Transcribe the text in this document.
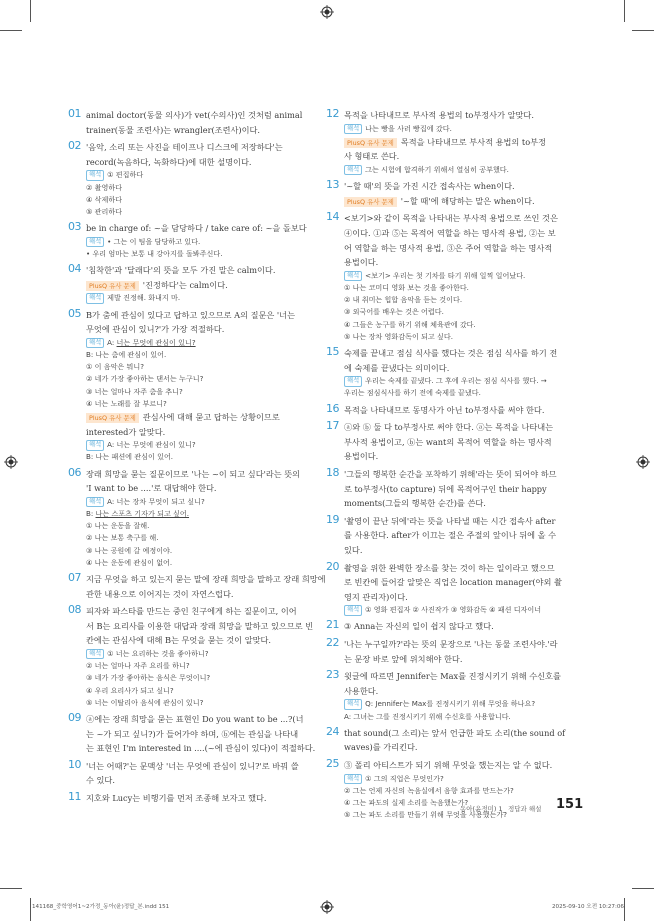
01 animal doctor(동물 의사)가 vet(수의사)인 것처럼 animal
trainer(동물 조련사)는 wrangler(조련사)이다.
02 '음악, 소리 또는 사진을 테이프나 디스크에 저장하다'는
record(녹음하다, 녹화하다)에 대한 설명이다.
해석 ① 편집하다
② 촬영하다
④ 삭제하다
⑤ 관리하다
03 be in charge of: ~을 담당하다 / take care of: ~을 돌보다
해석 • 그는 이 팀을 담당하고 있다.
• 우리 엄마는 보통 내 강아지를 돌봐주신다.
04 '침착한'과 '달래다'의 뜻을 모두 가진 말은 calm이다.
PlusQ 유사 문제 '진정하다'는 calm이다.
해석 제발 진정해. 화내지 마.
05 B가 춤에 관심이 있다고 답하고 있으므로 A의 질문은 '너는
무엇에 관심이 있니?'가 가장 적절하다.
해석 A: 너는 무엇에 관심이 있니?
B: 나는 춤에 관심이 있어.
① 이 음악은 뭐니?
② 네가 가장 좋아하는 댄서는 누구니?
③ 너는 얼마나 자주 춤을 추니?
④ 너는 노래를 잘 부르니?
PlusQ 유사 문제 관심사에 대해 묻고 답하는 상황이므로
interested가 알맞다.
해석 A: 너는 무엇에 관심이 있니?
B: 나는 패션에 관심이 있어.
06 장래 희망을 묻는 질문이므로 '나는 ~이 되고 싶다'라는 뜻의
'I want to be ....'로 대답해야 한다.
해석 A: 너는 장차 무엇이 되고 싶니?
B: 나는 스포츠 기자가 되고 싶어.
① 나는 운동을 잘해.
② 나는 보통 축구를 해.
③ 나는 공원에 갈 예정이야.
④ 나는 운동에 관심이 없어.
07 지금 무엇을 하고 있는지 묻는 말에 장래 희망을 말하고 장래 희망에
관한 내용으로 이어지는 것이 자연스럽다.
08 피자와 파스타를 만드는 중인 친구에게 하는 질문이고, 이어
서 B는 요리사를 이용한 대답과 장래 희망을 말하고 있으므로 빈
칸에는 관심사에 대해 B는 무엇을 묻는 것이 알맞다.
해석 ① 너는 요리하는 것을 좋아하니?
② 너는 얼마나 자주 요리를 하니?
③ 네가 가장 좋아하는 음식은 무엇이니?
④ 우리 요리사가 되고 싶니?
⑤ 너는 이탈리아 음식에 관심이 있니?
09 ⓐ에는 장래 희망을 묻는 표현인 Do you want to be ...?(너
는 ~가 되고 싶니?)가 들어가야 하며, ⓑ에는 관심을 나타내
는 표현인 I'm interested in ....(~에 관심이 있다)이 적절하다.
10 '너는 어때?'는 문맥상 '너는 무엇에 관심이 있니?'로 바꿔 쓸
수 있다.
11 지호와 Lucy는 비행기를 먼저 조종해 보자고 했다.
12 목적을 나타내므로 부사적 용법의 to부정사가 알맞다.
해석 나는 빵을 사러 빵집에 갔다.
PlusQ 유사 문제 목적을 나타내므로 부사적 용법의 to부정
사 형태로 쓴다.
해석 그는 시험에 합격하기 위해서 열심히 공부했다.
13 '~할 때'의 뜻을 가진 시간 접속사는 when이다.
PlusQ 유사 문제 '~할 때'에 해당하는 말은 when이다.
14 <보기>와 같이 목적을 나타내는 부사적 용법으로 쓰인 것은
④이다. ①과 ⑤는 목적어 역할을 하는 명사적 용법, ②는 보
어 역할을 하는 명사적 용법, ③은 주어 역할을 하는 명사적
용법이다.
해석 <보기> 우리는 첫 기차를 타기 위해 일찍 일어났다.
① 나는 코미디 영화 보는 것을 좋아한다.
② 내 취미는 힙합 음악을 듣는 것이다.
③ 외국어를 배우는 것은 어렵다.
④ 그들은 농구를 하기 위해 체육관에 갔다.
⑤ 나는 장차 영화감독이 되고 싶다.
15 숙제를 끝내고 점심 식사를 했다는 것은 점심 식사를 하기 전
에 숙제를 끝냈다는 의미이다.
해석 우리는 숙제를 끝냈다. 그 후에 우리는 점심 식사를 했다. →
우리는 점심식사를 하기 전에 숙제를 끝냈다.
16 목적을 나타내므로 동명사가 아닌 to부정사를 써야 한다.
17 ⓐ와 ⓑ 둘 다 to부정사로 써야 한다. ⓐ는 목적을 나타내는
부사적 용법이고, ⓑ는 want의 목적어 역할을 하는 명사적
용법이다.
18 '그들의 행복한 순간을 포착하기 위해'라는 뜻이 되어야 하므
로 to부정사(to capture) 뒤에 목적어구인 their happy
moments(그들의 행복한 순간)를 쓴다.
19 '촬영이 끝난 뒤에'라는 뜻을 나타낼 때는 시간 접속사 after
를 사용한다. after가 이끄는 절은 주절의 앞이나 뒤에 올 수
있다.
20 촬영을 위한 완벽한 장소를 찾는 것이 하는 일이라고 했으므
로 빈칸에 들어갈 알맞은 직업은 location manager(야외 촬
영지 관리자)이다.
해석 ① 영화 편집자 ② 사진작가 ③ 영화감독 ④ 패션 디자이너
21 ③ Anna는 자신의 일이 쉽지 않다고 했다.
22 '나는 누구일까?'라는 뜻의 문장으로 '나는 동물 조련사야.'라
는 문장 바로 앞에 위치해야 한다.
23 윗글에 따르면 Jennifer는 Max를 진정시키기 위해 수신호를
사용한다.
해석 Q: Jennifer는 Max를 진정시키기 위해 무엇을 하나요?
A: 그녀는 그를 진정시키기 위해 수신호를 사용합니다.
24 that sound(그 소리)는 앞서 언급한 파도 소리(the sound of
waves)를 가리킨다.
25 ③ 폴리 아티스트가 되기 위해 무엇을 했는지는 알 수 없다.
해석 ① 그의 직업은 무엇인가?
② 그는 언제 자신의 녹음실에서 음향 효과를 만드는가?
④ 그는 파도의 실제 소리를 녹음했는가?
⑤ 그는 파도 소리를 만들기 위해 무엇을 사용했는가?
동아(윤정미) 1_ 정답과 해설 151
141168_중학영어1~2가정_동아(윤)정답_본.indd 151	2025-09-10 오전 10:27:06
